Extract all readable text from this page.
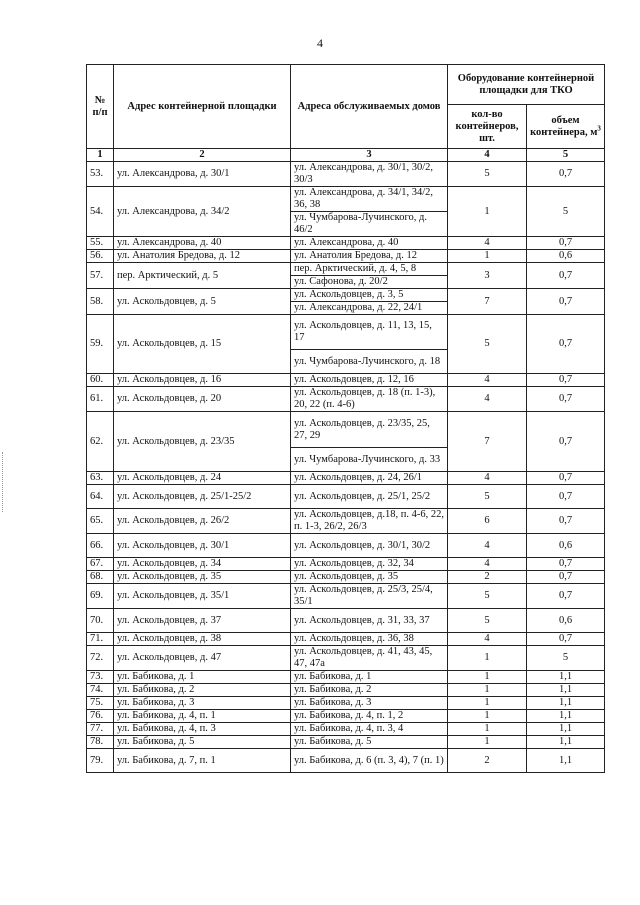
4
№ п/п	Адрес контейнерной площадки	Адреса обслуживаемых домов	Оборудование контейнерной площадки для ТКО	
			кол-во контейнеров, шт.	объем контейнера, $м^3$
1	2	3	4	5
53.	ул. Александрова, д. 30/1	ул. Александрова, д. 30/1, 30/2, 30/3	5	0,7
54.	ул. Александрова, д. 34/2	ул. Александрова, д. 34/1, 34/2, 36, 38	1	5
		ул. Чумбарова-Лучинского, д. 46/2		
55.	ул. Александрова, д. 40	ул. Александрова, д. 40	4	0,7
56.	ул. Анатолия Бредова, д. 12	ул. Анатолия Бредова, д. 12	1	0,6
57.	пер. Арктический, д. 5	пер. Арктический, д. 4, 5, 8	3	0,7
		ул. Сафонова, д. 20/2		
58.	ул. Аскольдовцев, д. 5	ул. Аскольдовцев, д. 3, 5	7	0,7
		ул. Александрова, д. 22, 24/1		
59.	ул. Аскольдовцев, д. 15	ул. Аскольдовцев, д. 11, 13, 15, 17	5	0,7
		ул. Чумбарова-Лучинского, д. 18		
60.	ул. Аскольдовцев, д. 16	ул. Аскольдовцев, д. 12, 16	4	0,7
61.	ул. Аскольдовцев, д. 20	ул. Аскольдовцев, д. 18 (п. 1-3), 20, 22 (п. 4-6)	4	0,7
62.	ул. Аскольдовцев, д. 23/35	ул. Аскольдовцев, д. 23/35, 25, 27, 29	7	0,7
		ул. Чумбарова-Лучинского, д. 33		
63.	ул. Аскольдовцев, д. 24	ул. Аскольдовцев, д. 24, 26/1	4	0,7
64.	ул. Аскольдовцев, д. 25/1-25/2	ул. Аскольдовцев, д. 25/1, 25/2	5	0,7
65.	ул. Аскольдовцев, д. 26/2	ул. Аскольдовцев, д.18, п. 4-6, 22, п. 1-3, 26/2, 26/3	6	0,7
66.	ул. Аскольдовцев, д. 30/1	ул. Аскольдовцев, д. 30/1, 30/2	4	0,6
67.	ул. Аскольдовцев, д. 34	ул. Аскольдовцев, д. 32, 34	4	0,7
68.	ул. Аскольдовцев, д. 35	ул. Аскольдовцев, д. 35	2	0,7
69.	ул. Аскольдовцев, д. 35/1	ул. Аскольдовцев, д. 25/3, 25/4, 35/1	5	0,7
70.	ул. Аскольдовцев, д. 37	ул. Аскольдовцев, д. 31, 33, 37	5	0,6
71.	ул. Аскольдовцев, д. 38	ул. Аскольдовцев, д. 36, 38	4	0,7
72.	ул. Аскольдовцев, д. 47	ул. Аскольдовцев, д. 41, 43, 45, 47, 47а	1	5
73.	ул. Бабикова, д. 1	ул. Бабикова, д. 1	1	1,1
74.	ул. Бабикова, д. 2	ул. Бабикова, д. 2	1	1,1
75.	ул. Бабикова, д. 3	ул. Бабикова, д. 3	1	1,1
76.	ул. Бабикова, д. 4, п. 1	ул. Бабикова, д. 4, п. 1, 2	1	1,1
77.	ул. Бабикова, д. 4, п. 3	ул. Бабикова, д. 4, п. 3, 4	1	1,1
78.	ул. Бабикова, д. 5	ул. Бабикова, д. 5	1	1,1
79.	ул. Бабикова, д. 7, п. 1	ул. Бабикова, д. 6 (п. 3, 4), 7 (п. 1)	2	1,1
